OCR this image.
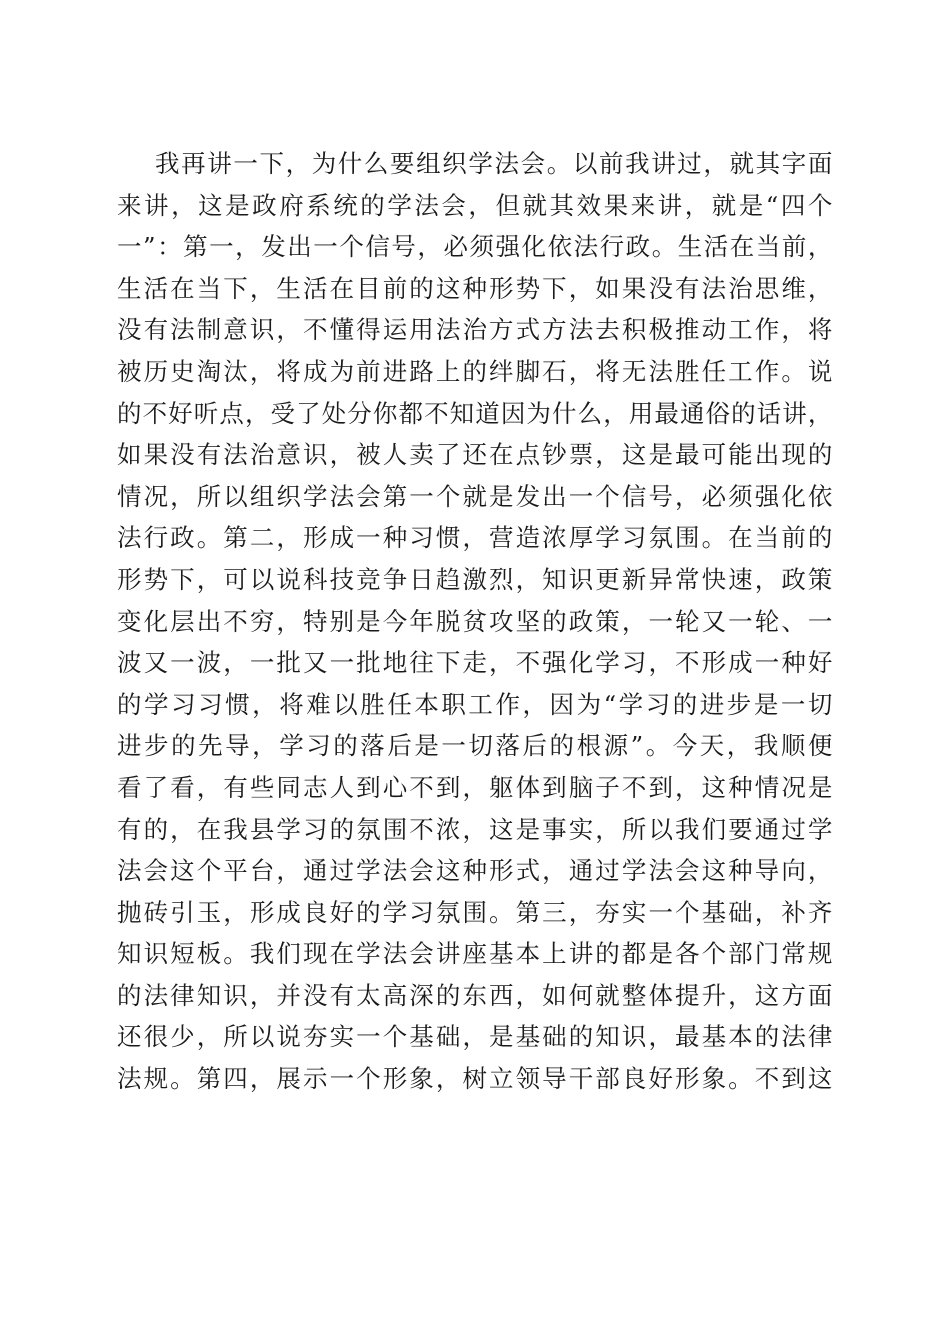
我再讲一下，为什么要组织学法会。以前我讲过，就其字面
来讲，这是政府系统的学法会，但就其效果来讲，就是“四个
一”：第一，发出一个信号，必须强化依法行政。生活在当前，
生活在当下，生活在目前的这种形势下，如果没有法治思维，
没有法制意识，不懂得运用法治方式方法去积极推动工作，将
被历史淘汰，将成为前进路上的绊脚石，将无法胜任工作。说
的不好听点，受了处分你都不知道因为什么，用最通俗的话讲，
如果没有法治意识，被人卖了还在点钞票，这是最可能出现的
情况，所以组织学法会第一个就是发出一个信号，必须强化依
法行政。第二，形成一种习惯，营造浓厚学习氛围。在当前的
形势下，可以说科技竞争日趋激烈，知识更新异常快速，政策
变化层出不穷，特别是今年脱贫攻坚的政策，一轮又一轮、一
波又一波，一批又一批地往下走，不强化学习，不形成一种好
的学习习惯，将难以胜任本职工作，因为“学习的进步是一切
进步的先导，学习的落后是一切落后的根源”。今天，我顺便
看了看，有些同志人到心不到，躯体到脑子不到，这种情况是
有的，在我县学习的氛围不浓，这是事实，所以我们要通过学
法会这个平台，通过学法会这种形式，通过学法会这种导向，
抛砖引玉，形成良好的学习氛围。第三，夯实一个基础，补齐
知识短板。我们现在学法会讲座基本上讲的都是各个部门常规
的法律知识，并没有太高深的东西，如何就整体提升，这方面
还很少，所以说夯实一个基础，是基础的知识，最基本的法律
法规。第四，展示一个形象，树立领导干部良好形象。不到这
